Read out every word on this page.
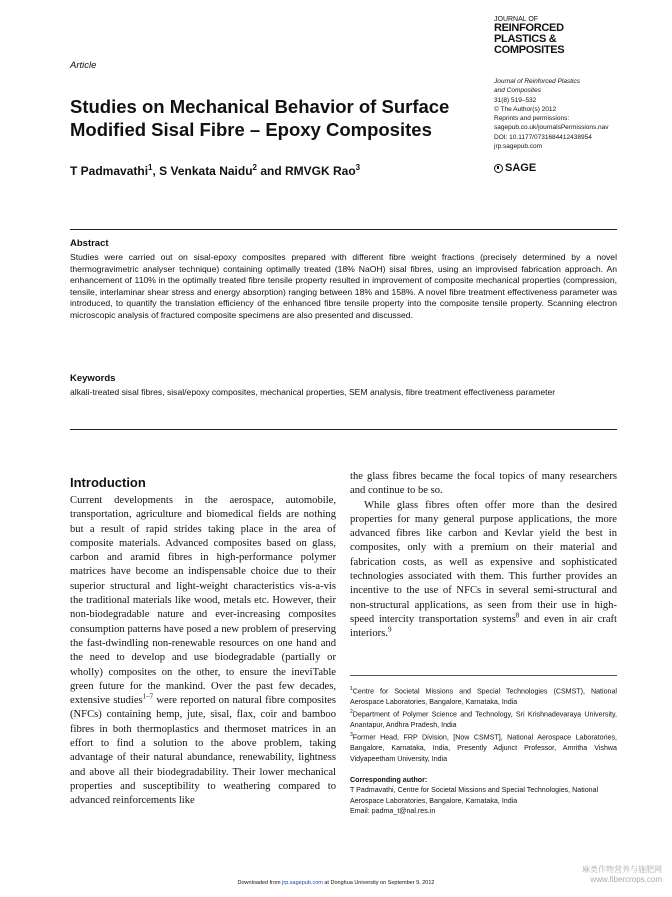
Article
Studies on Mechanical Behavior of Surface Modified Sisal Fibre – Epoxy Composites
T Padmavathi$^1$, S Venkata Naidu$^2$ and RMVGK Rao$^3$
JOURNAL OF
REINFORCED
PLASTICS &
COMPOSITES
Journal of Reinforced Plastics
and Composites
31(8) 519–532
© The Author(s) 2012
Reprints and permissions:
sagepub.co.uk/journalsPermissions.nav
DOI: 10.1177/0731684412438954
jrp.sagepub.com
SAGE
Abstract
Studies were carried out on sisal-epoxy composites prepared with different fibre weight fractions (precisely determined by a novel thermogravimetric analyser technique) containing optimally treated (18% NaOH) sisal fibres, using an improvised fabrication approach. An enhancement of 110% in the optimally treated fibre tensile property resulted in improvement of composite mechanical properties (compression, tensile, interlaminar shear stress and energy absorption) ranging between 18% and 158%. A novel fibre treatment effectiveness parameter was introduced, to quantify the translation efficiency of the enhanced fibre tensile property into the composite tensile property. Scanning electron microscopic analysis of fractured composite specimens are also presented and discussed.
Keywords
alkali-treated sisal fibres, sisal/epoxy composites, mechanical properties, SEM analysis, fibre treatment effectiveness parameter
Introduction

Current developments in the aerospace, automobile, transportation, agriculture and biomedical fields are nothing but a result of rapid strides taking place in the area of composite materials. Advanced composites based on glass, carbon and aramid fibres in high-performance polymer matrices have become an indispensable choice due to their superior structural and light-weight characteristics vis-a-vis the traditional materials like wood, metals etc. However, their non-biodegradable nature and ever-increasing composites consumption patterns have posed a new problem of preserving the fast-dwindling non-renewable resources on one hand and the need to develop and use biodegradable (partially or wholly) composites on the other, to ensure the ineviTable green future for the mankind. Over the past few decades, extensive studies$^{1-7}$ were reported on natural fibre composites (NFCs) containing hemp, jute, sisal, flax, coir and bamboo fibres in both thermoplastics and thermoset matrices in an effort to find a solution to the above problem, taking advantage of their natural abundance, renewability, lightness and above all their biodegradability. Their lower mechanical properties and susceptibility to weathering compared to advanced reinforcements like

the glass fibres became the focal topics of many researchers and continue to be so.

While glass fibres often offer more than the desired properties for many general purpose applications, the more advanced fibres like carbon and Kevlar yield the best in composites, only with a premium on their material and fabrication costs, as well as expensive and sophisticated technologies associated with them. This further provides an incentive to the use of NFCs in several semi-structural and non-structural applications, as seen from their use in high-speed intercity transportation systems$^8$ and even in air craft interiors.$^9$

$^1$Centre for Societal Missions and Special Technologies (CSMST), National Aerospace Laboratories, Bangalore, Karnataka, India

$^2$Department of Polymer Science and Technology, Sri Krishnadevaraya University, Anantapur, Andhra Pradesh, India

$^3$Former Head, FRP Division, [Now CSMST], National Aerospace Laboratories, Bangalore, Karnataka, India, Presently Adjunct Professor, Amritha Vishwa Vidyapeetham University, India

Corresponding author:

T Padmavathi, Centre for Societal Missions and Special Technologies, National Aerospace Laboratories, Bangalore, Karnataka, India

Email: padma_t@nal.res.in

Downloaded from jrp.sagepub.com at Donghua University on September 9, 2012
麻类作物营养与施肥网
www.fibercrops.com
